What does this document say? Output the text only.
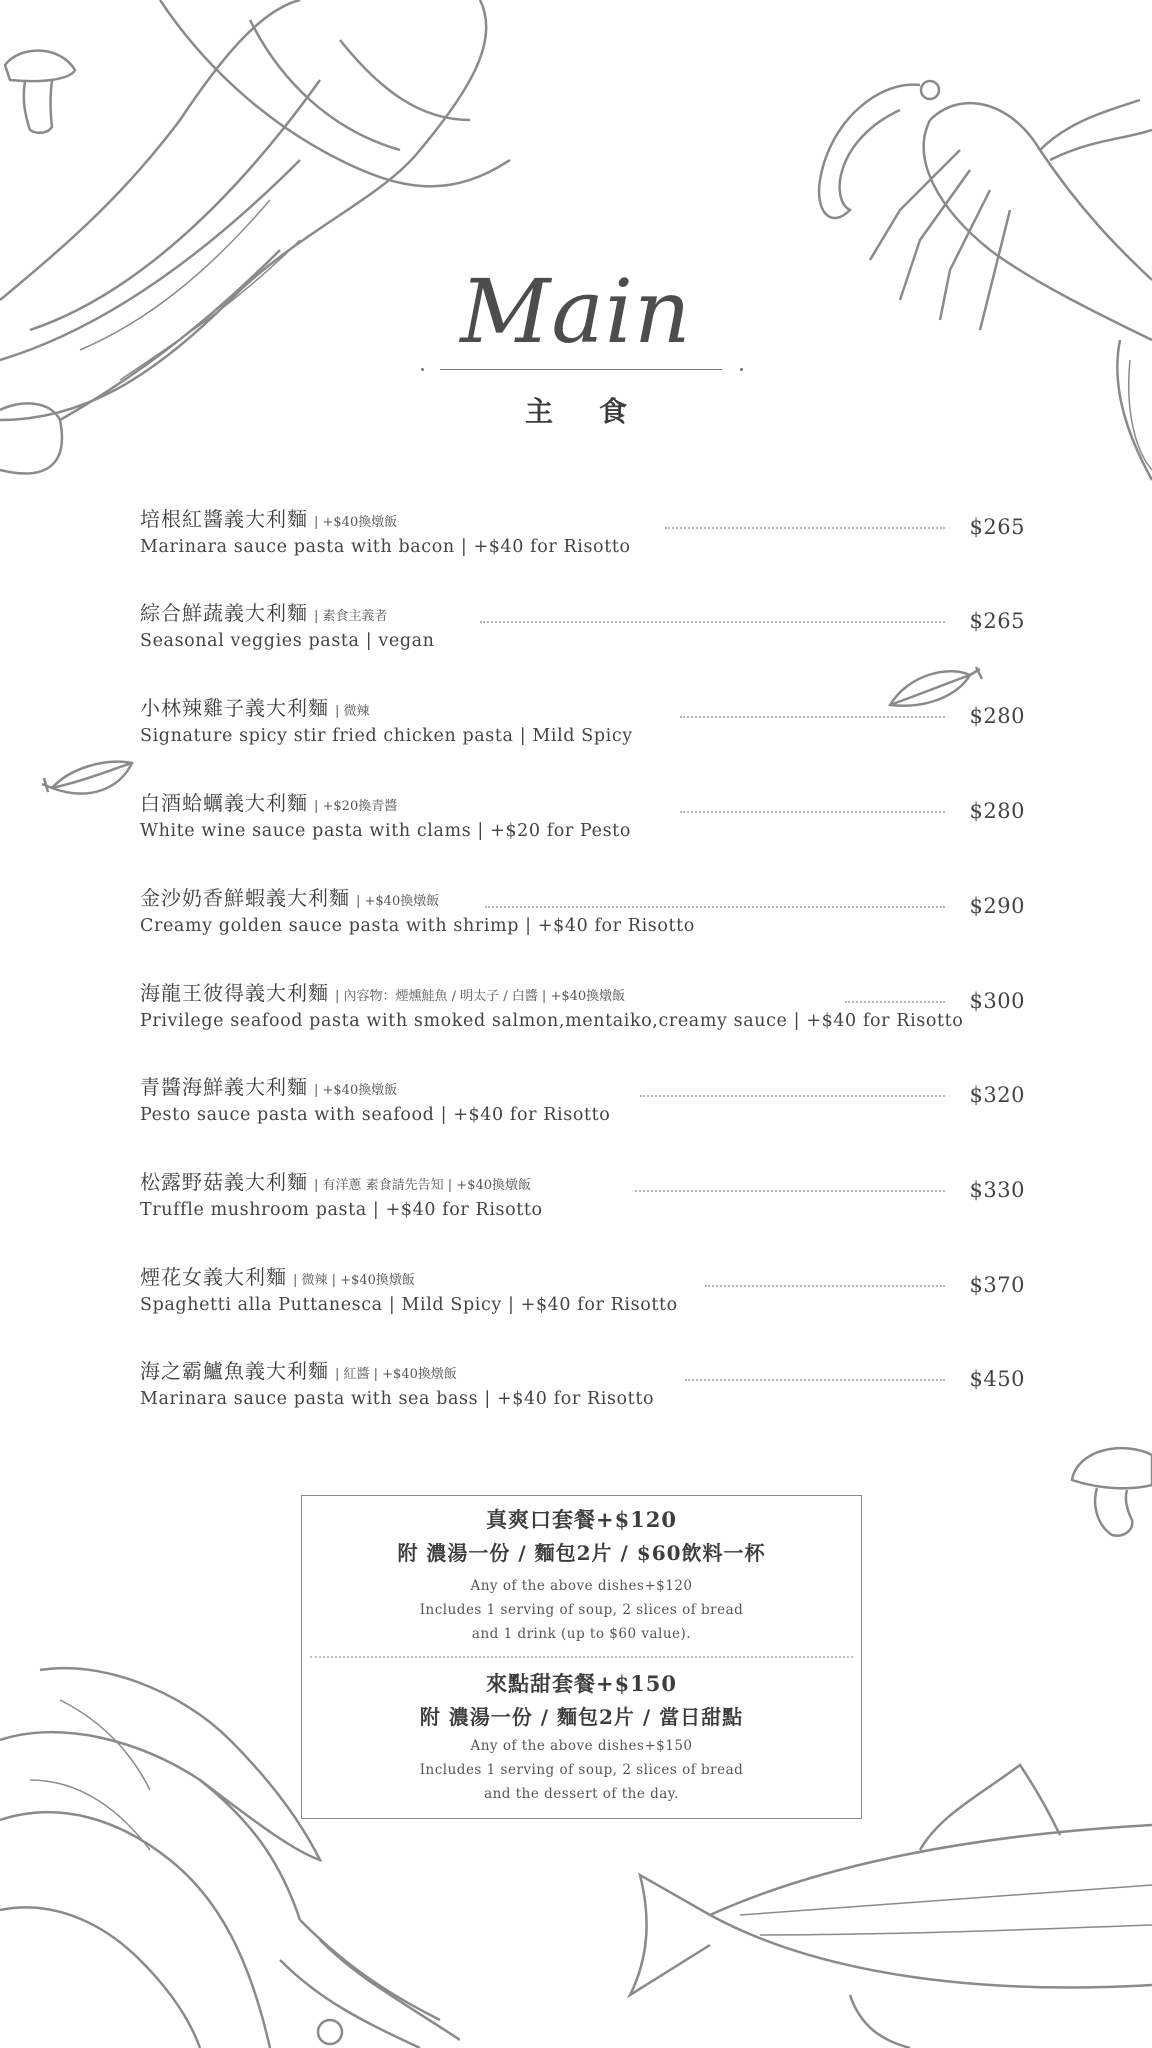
Main
主食
培根紅醬義大利麵 | +$40換燉飯
Marinara sauce pasta with bacon | +$40 for Risotto
$265
綜合鮮蔬義大利麵 | 素食主義者
Seasonal veggies pasta | vegan
$265
小林辣雞子義大利麵 | 微辣
Signature spicy stir fried chicken pasta | Mild Spicy
$280
白酒蛤蠣義大利麵 | +$20換青醬
White wine sauce pasta with clams | +$20 for Pesto
$280
金沙奶香鮮蝦義大利麵 | +$40換燉飯
Creamy golden sauce pasta with shrimp | +$40 for Risotto
$290
海龍王彼得義大利麵 | 內容物：煙燻鮭魚 / 明太子 / 白醬 | +$40換燉飯
Privilege seafood pasta with smoked salmon,mentaiko,creamy sauce | +$40 for Risotto
$300
青醬海鮮義大利麵 | +$40換燉飯
Pesto sauce pasta with seafood | +$40 for Risotto
$320
松露野菇義大利麵 | 有洋蔥 素食請先告知 | +$40換燉飯
Truffle mushroom pasta | +$40 for Risotto
$330
煙花女義大利麵 | 微辣 | +$40換燉飯
Spaghetti alla Puttanesca | Mild Spicy | +$40 for Risotto
$370
海之霸鱸魚義大利麵 | 紅醬 | +$40換燉飯
Marinara sauce pasta with sea bass | +$40 for Risotto
$450
真爽口套餐+$120
附 濃湯一份 / 麵包2片 / $60飲料一杯
Any of the above dishes+$120
Includes 1 serving of soup, 2 slices of bread
and 1 drink (up to $60 value).
來點甜套餐+$150
附 濃湯一份 / 麵包2片 / 當日甜點
Any of the above dishes+$150
Includes 1 serving of soup, 2 slices of bread
and the dessert of the day.
